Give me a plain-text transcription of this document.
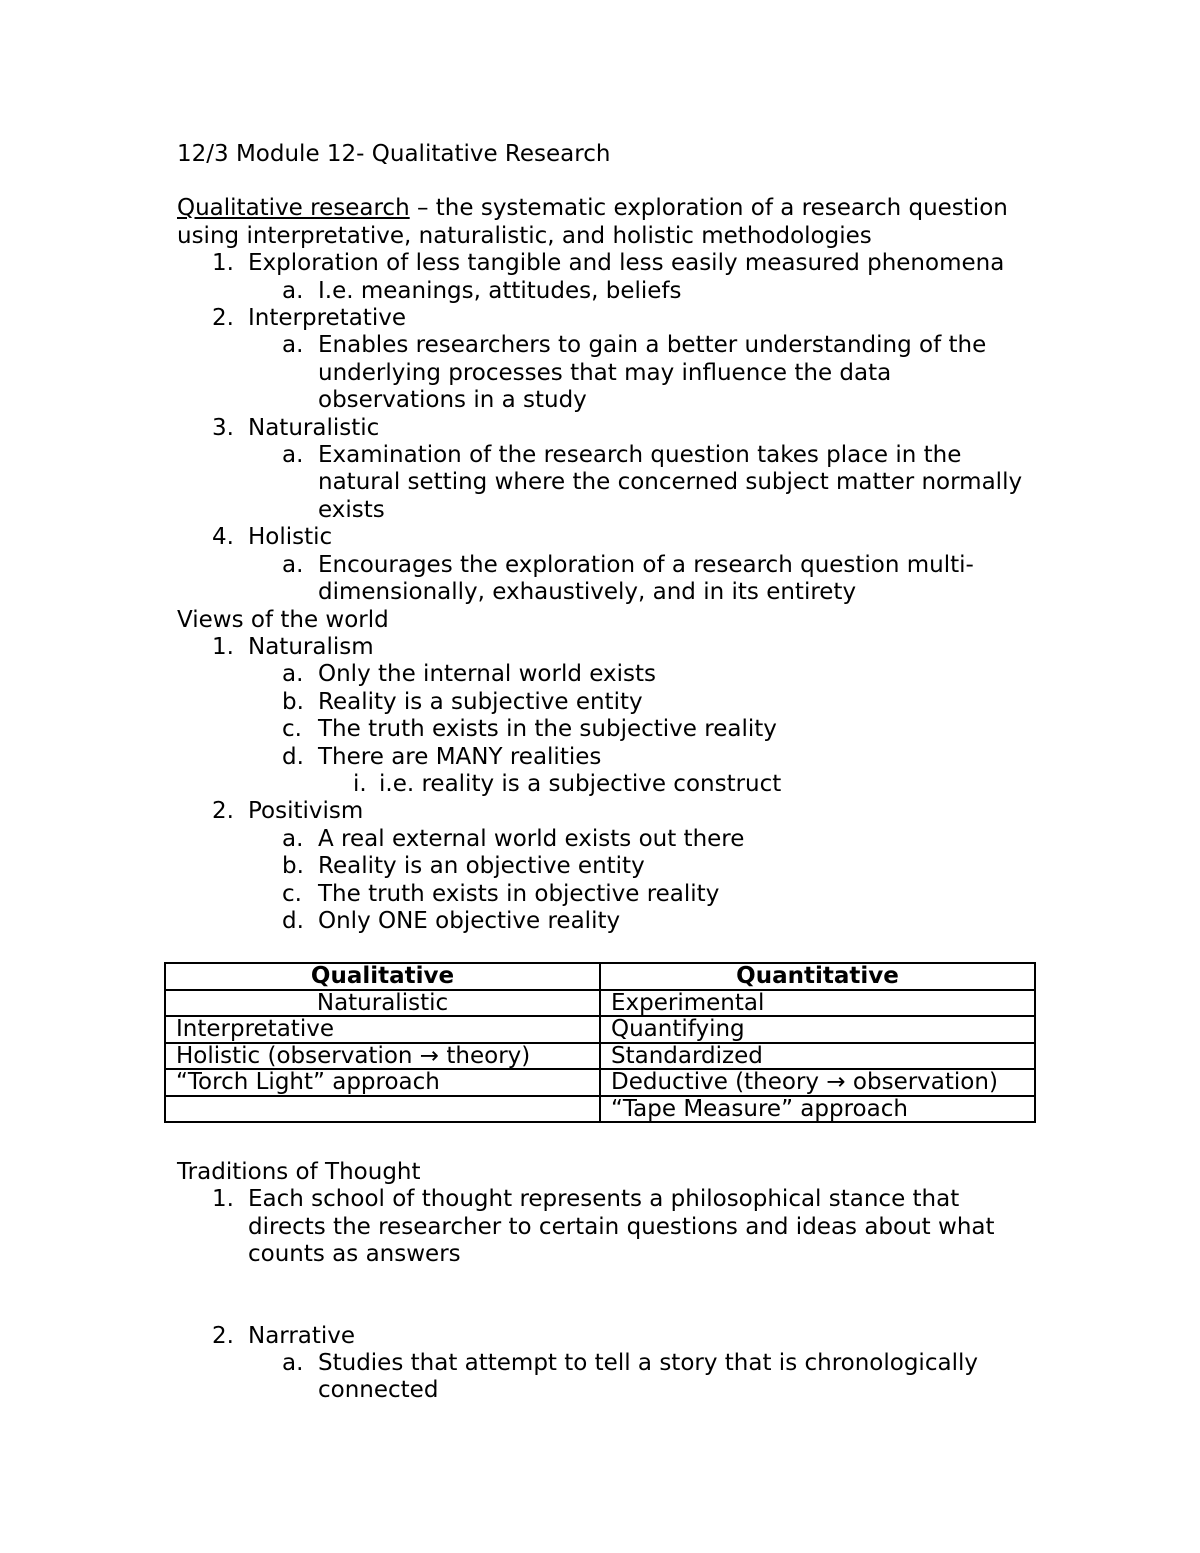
12/3 Module 12- Qualitative Research

Qualitative research – the systematic exploration of a research question using interpretative, naturalistic, and holistic methodologies

1. Exploration of less tangible and less easily measured phenomena
a. I.e. meanings, attitudes, beliefs
2. Interpretative
a. Enables researchers to gain a better understanding of the underlying processes that may influence the data observations in a study
3. Naturalistic
a. Examination of the research question takes place in the natural setting where the concerned subject matter normally exists
4. Holistic
a. Encourages the exploration of a research question multi-dimensionally, exhaustively, and in its entirety

Views of the world

1. Naturalism
a. Only the internal world exists
b. Reality is a subjective entity
c. The truth exists in the subjective reality
d. There are MANY realities
i. i.e. reality is a subjective construct
2. Positivism
a. A real external world exists out there
b. Reality is an objective entity
c. The truth exists in objective reality
d. Only ONE objective reality
Qualitative	Quantitative
Naturalistic	Experimental
Interpretative	Quantifying
Holistic (observation → theory)	Standardized
“Torch Light” approach	Deductive (theory → observation)
	“Tape Measure” approach

Traditions of Thought

1. Each school of thought represents a philosophical stance that directs the researcher to certain questions and ideas about what counts as answers
2. Narrative
a. Studies that attempt to tell a story that is chronologically connected
